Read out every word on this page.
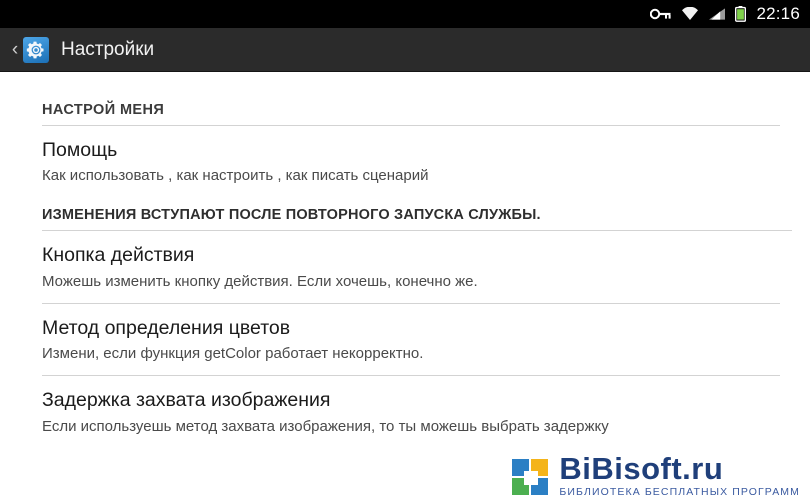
22:16
‹ Настройки
НАСТРОЙ МЕНЯ
Помощь
Как использовать , как настроить , как писать сценарий
ИЗМЕНЕНИЯ ВСТУПАЮТ ПОСЛЕ ПОВТОРНОГО ЗАПУСКА СЛУЖБЫ.
Кнопка действия
Можешь изменить кнопку действия. Если хочешь, конечно же.
Метод определения цветов
Измени, если функция getColor работает некорректно.
Задержка захвата изображения
Если используешь метод захвата изображения, то ты можешь выбрать задержку
BiBisoft.ru
БИБЛИОТЕКА БЕСПЛАТНЫХ ПРОГРАММ
